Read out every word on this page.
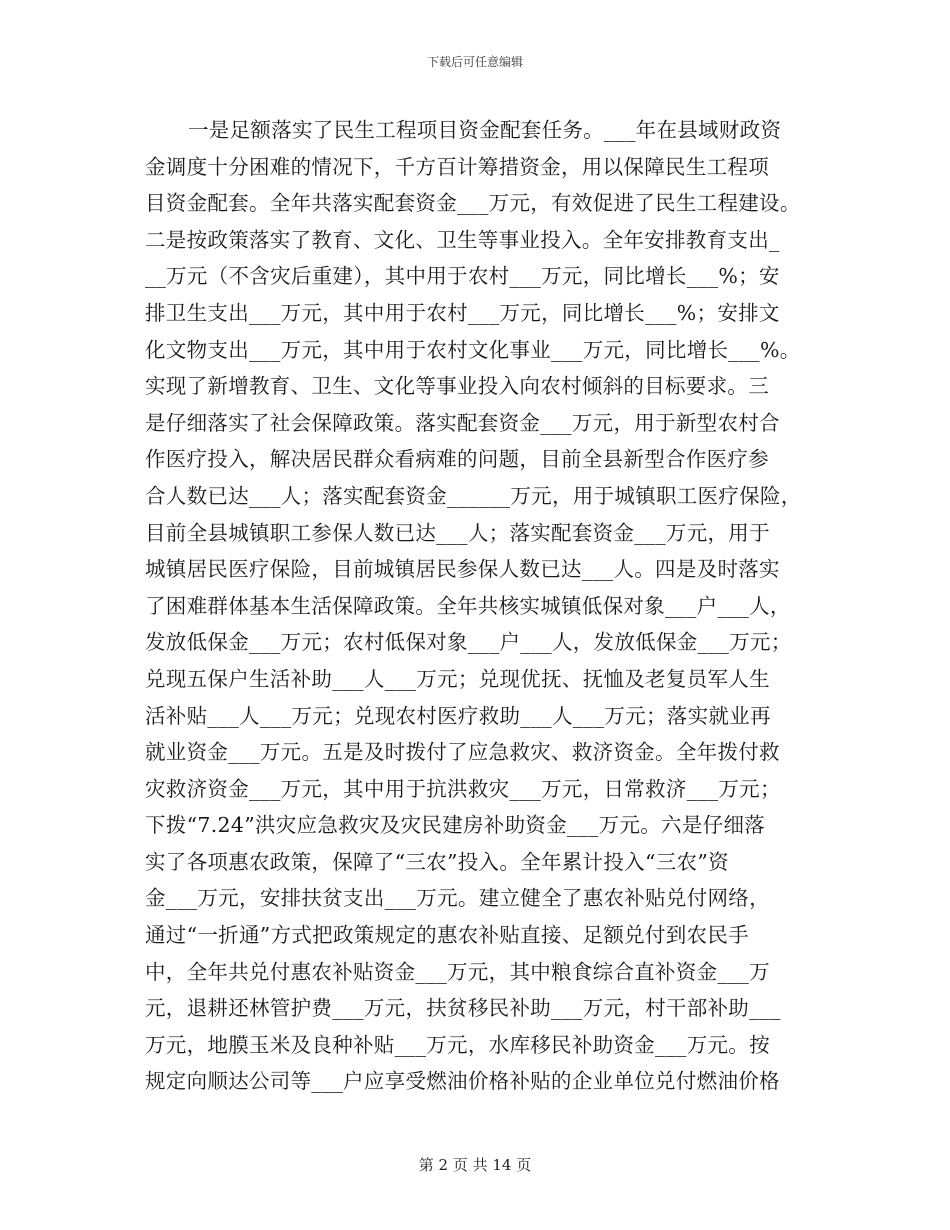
下载后可任意编辑
一是足额落实了民生工程项目资金配套任务。___年在县域财政资
金调度十分困难的情况下，千方百计筹措资金，用以保障民生工程项
目资金配套。全年共落实配套资金___万元，有效促进了民生工程建设。
二是按政策落实了教育、文化、卫生等事业投入。全年安排教育支出_
__万元（不含灾后重建），其中用于农村___万元，同比增长___%；安
排卫生支出___万元，其中用于农村___万元，同比增长___%；安排文
化文物支出___万元，其中用于农村文化事业___万元，同比增长___%。
实现了新增教育、卫生、文化等事业投入向农村倾斜的目标要求。三
是仔细落实了社会保障政策。落实配套资金___万元，用于新型农村合
作医疗投入，解决居民群众看病难的问题，目前全县新型合作医疗参
合人数已达___人；落实配套资金______万元，用于城镇职工医疗保险，
目前全县城镇职工参保人数已达___人；落实配套资金___万元，用于
城镇居民医疗保险，目前城镇居民参保人数已达___人。四是及时落实
了困难群体基本生活保障政策。全年共核实城镇低保对象___户___人，
发放低保金___万元；农村低保对象___户___人，发放低保金___万元；
兑现五保户生活补助___人___万元；兑现优抚、抚恤及老复员军人生
活补贴___人___万元；兑现农村医疗救助___人___万元；落实就业再
就业资金___万元。五是及时拨付了应急救灾、救济资金。全年拨付救
灾救济资金___万元，其中用于抗洪救灾___万元，日常救济___万元；
下拨“7.24”洪灾应急救灾及灾民建房补助资金___万元。六是仔细落
实了各项惠农政策，保障了“三农”投入。全年累计投入“三农”资
金___万元，安排扶贫支出___万元。建立健全了惠农补贴兑付网络，
通过“一折通”方式把政策规定的惠农补贴直接、足额兑付到农民手
中，全年共兑付惠农补贴资金___万元，其中粮食综合直补资金___万
元，退耕还林管护费___万元，扶贫移民补助___万元，村干部补助___
万元，地膜玉米及良种补贴___万元，水库移民补助资金___万元。按
规定向顺达公司等___户应享受燃油价格补贴的企业单位兑付燃油价格
第 2 页 共 14 页
